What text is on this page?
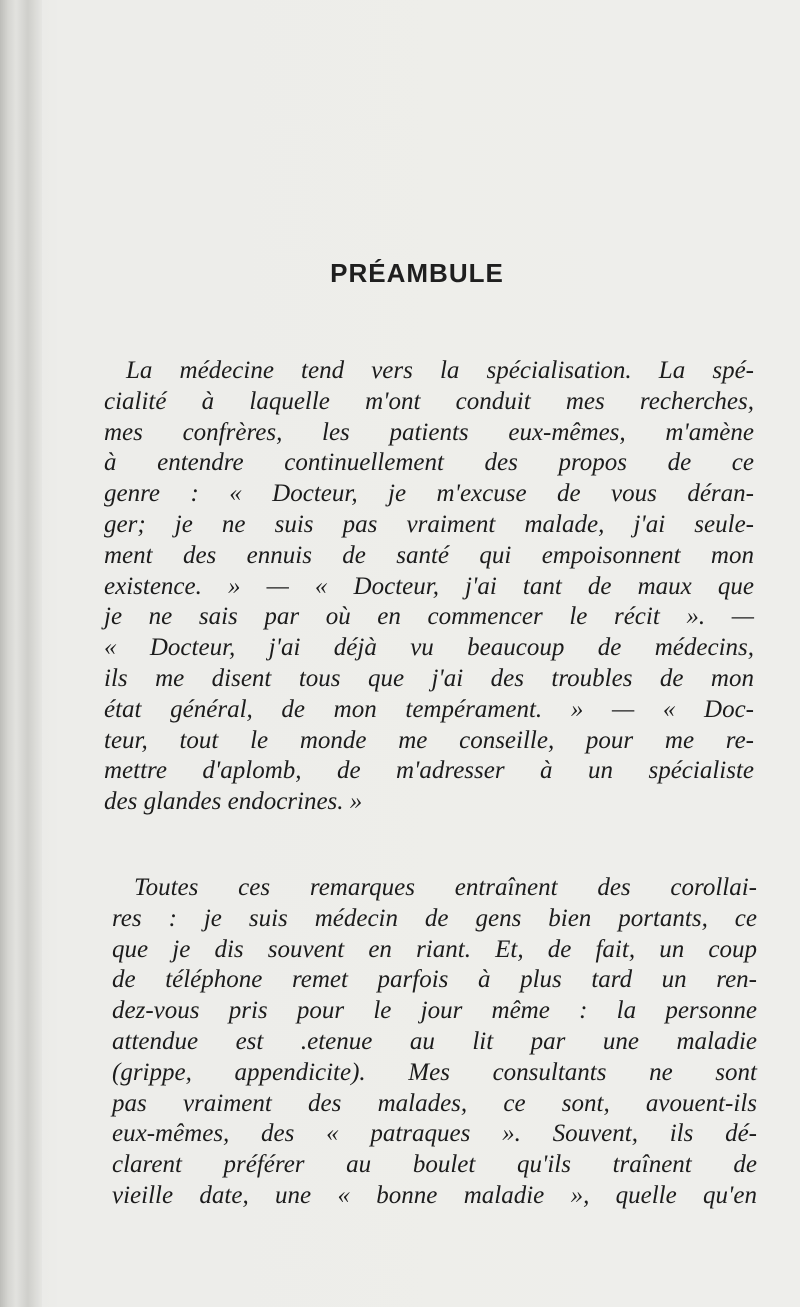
PRÉAMBULE
La médecine tend vers la spécialisation. La spé-
cialité à laquelle m'ont conduit mes recherches,
mes confrères, les patients eux-mêmes, m'amène
à entendre continuellement des propos de ce
genre : « Docteur, je m'excuse de vous déran-
ger; je ne suis pas vraiment malade, j'ai seule-
ment des ennuis de santé qui empoisonnent mon
existence. » — « Docteur, j'ai tant de maux que
je ne sais par où en commencer le récit ». —
« Docteur, j'ai déjà vu beaucoup de médecins,
ils me disent tous que j'ai des troubles de mon
état général, de mon tempérament. » — « Doc-
teur, tout le monde me conseille, pour me re-
mettre d'aplomb, de m'adresser à un spécialiste
des glandes endocrines. »
Toutes ces remarques entraînent des corollai-
res : je suis médecin de gens bien portants, ce
que je dis souvent en riant. Et, de fait, un coup
de téléphone remet parfois à plus tard un ren-
dez-vous pris pour le jour même : la personne
attendue est .etenue au lit par une maladie
(grippe, appendicite). Mes consultants ne sont
pas vraiment des malades, ce sont, avouent-ils
eux-mêmes, des « patraques ». Souvent, ils dé-
clarent préférer au boulet qu'ils traînent de
vieille date, une « bonne maladie », quelle qu'en
